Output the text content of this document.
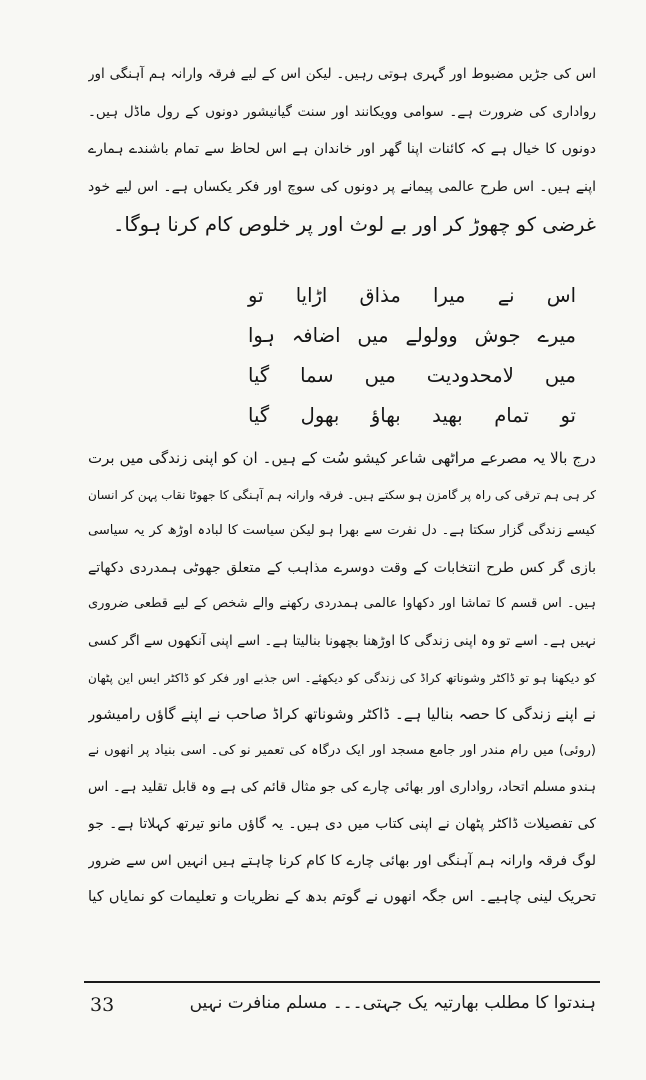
اس کی جڑیں مضبوط اور گہری ہوتی رہیں۔ لیکن اس کے لیے فرقہ وارانہ ہم آہنگی اور
رواداری کی ضرورت ہے۔ سوامی وویکانند اور سنت گیانیشور دونوں کے رول ماڈل ہیں۔
دونوں کا خیال ہے کہ کائنات اپنا گھر اور خاندان ہے اس لحاظ سے تمام باشندے ہمارے
اپنے ہیں۔ اس طرح عالمی پیمانے پر دونوں کی سوچ اور فکر یکساں ہے۔ اس لیے خود
غرضی کو چھوڑ کر اور بے لوث اور پر خلوص کام کرنا ہوگا۔
اس نے میرا مذاق اڑایا تو
میرے جوش وولولے میں اضافہ ہوا
میں لامحدودیت میں سما گیا
تو تمام بھید بھاؤ بھول گیا
درج بالا یہ مصرعے مراٹھی شاعر کیشو سُت کے ہیں۔ ان کو اپنی زندگی میں برت
کر ہی ہم ترقی کی راہ پر گامزن ہو سکتے ہیں۔ فرقہ وارانہ ہم آہنگی کا جھوٹا نقاب پہن کر انسان
کیسے زندگی گزار سکتا ہے۔ دل نفرت سے بھرا ہو لیکن سیاست کا لبادہ اوڑھ کر یہ سیاسی
بازی گر کس طرح انتخابات کے وقت دوسرے مذاہب کے متعلق جھوٹی ہمدردی دکھاتے
ہیں۔ اس قسم کا تماشا اور دکھاوا عالمی ہمدردی رکھنے والے شخص کے لیے قطعی ضروری
نہیں ہے۔ اسے تو وہ اپنی زندگی کا اوڑھنا بچھونا بنالیتا ہے۔ اسے اپنی آنکھوں سے اگر کسی
کو دیکھنا ہو تو ڈاکٹر وشوناتھ کراڈ کی زندگی کو دیکھئے۔ اس جذبے اور فکر کو ڈاکٹر ایس این پٹھان
نے اپنے زندگی کا حصہ بنالیا ہے۔ ڈاکٹر وشوناتھ کراڈ صاحب نے اپنے گاؤں رامیشور
(روئی) میں رام مندر اور جامع مسجد اور ایک درگاہ کی تعمیر نو کی۔ اسی بنیاد پر انھوں نے
ہندو مسلم اتحاد، رواداری اور بھائی چارے کی جو مثال قائم کی ہے وہ قابل تقلید ہے۔ اس
کی تفصیلات ڈاکٹر پٹھان نے اپنی کتاب میں دی ہیں۔ یہ گاؤں مانو تیرتھ کہلاتا ہے۔ جو
لوگ فرقہ وارانہ ہم آہنگی اور بھائی چارے کا کام کرنا چاہتے ہیں انہیں اس سے ضرور
تحریک لینی چاہیے۔ اس جگہ انھوں نے گوتم بدھ کے نظریات و تعلیمات کو نمایاں کیا
33	ہندتوا کا مطلب بھارتیہ یک جہتی۔۔۔ مسلم منافرت نہیں
